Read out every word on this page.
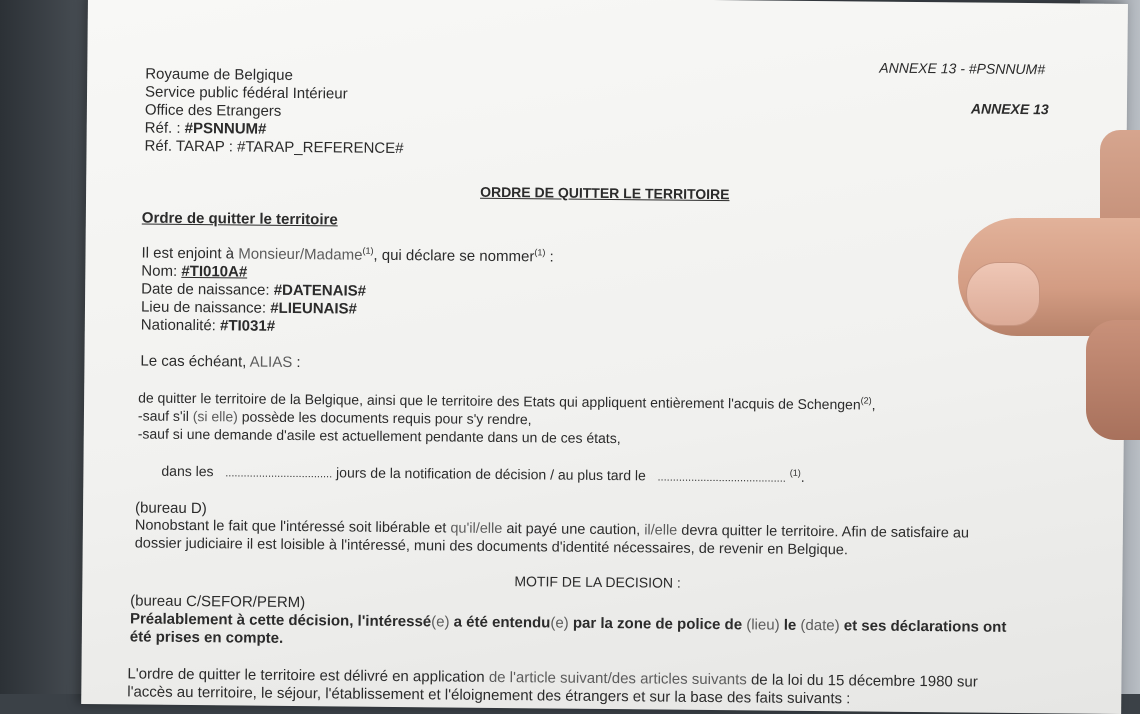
Royaume de Belgique
Service public fédéral Intérieur
Office des Etrangers
Réf. : #PSNNUM#
Réf. TARAP : #TARAP_REFERENCE#
ANNEXE 13 - #PSNNUM#
ANNEXE 13
ORDRE DE QUITTER LE TERRITOIRE
Ordre de quitter le territoire
Il est enjoint à Monsieur/Madame$^{(1)}$, qui déclare se nommer$^{(1)}$ :
Nom: #TI010A#
Date de naissance: #DATENAIS#
Lieu de naissance: #LIEUNAIS#
Nationalité: #TI031#
Le cas échéant, ALIAS :
de quitter le territoire de la Belgique, ainsi que le territoire des Etats qui appliquent entièrement l'acquis de Schengen$^{(2)}$,
-sauf s'il (si elle) possède les documents requis pour s'y rendre,
-sauf si une demande d'asile est actuellement pendante dans un de ces états,
dans les ................................... jours de la notification de décision / au plus tard le .......................................... $^{(1)}$.
(bureau D)
Nonobstant le fait que l'intéressé soit libérable et qu'il/elle ait payé une caution, il/elle devra quitter le territoire. Afin de satisfaire au
dossier judiciaire il est loisible à l'intéressé, muni des documents d'identité nécessaires, de revenir en Belgique.
MOTIF DE LA DECISION :
(bureau C/SEFOR/PERM)
Préalablement à cette décision, l'intéressé(e) a été entendu(e) par la zone de police de (lieu) le (date) et ses déclarations ont
été prises en compte.
L'ordre de quitter le territoire est délivré en application de l'article suivant/des articles suivants de la loi du 15 décembre 1980 sur
l'accès au territoire, le séjour, l'établissement et l'éloignement des étrangers et sur la base des faits suivants :
